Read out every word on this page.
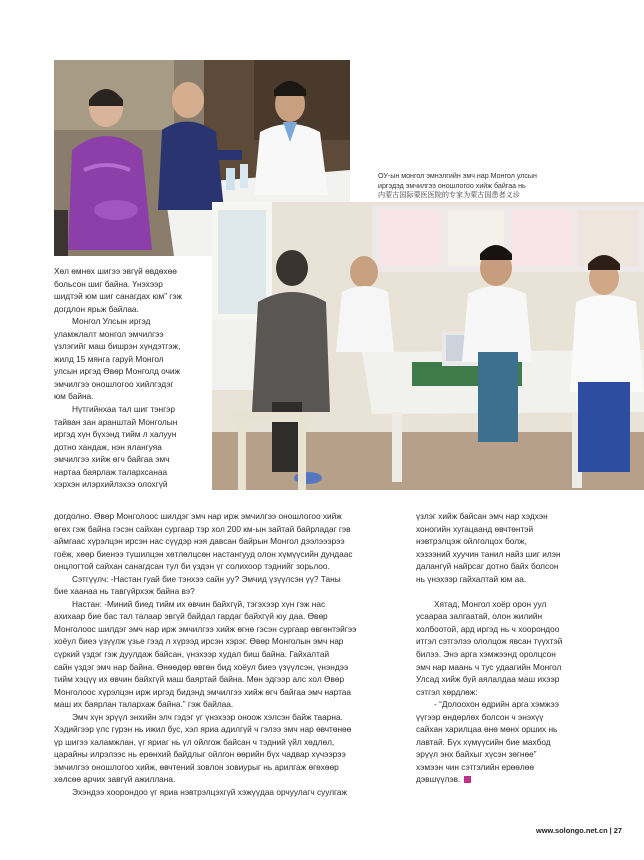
ОУ-ын монгол эмнэлгийн эмч нар Монгол улсын
иргэдэд эмчилгээ оношлогоо хийж байгаа нь
内蒙古国际蒙医医院的专家为蒙古国患者义诊

Хөл өмнөх шигээ эвгүй өвдөхөө

больсон шиг байна. Үнэхээр

шидтэй юм шиг санагдах юм” гэж

догдлон ярьж байлаа.

Монгол Улсын иргэд

уламжлалт монгол эмчилгээ

үзлэгийг маш бишрэн хүндэтгэж,

жилд 15 мянга гаруй Монгол

улсын иргэд Өвөр Монголд очиж

эмчилгээ оношлогоо хийлгэдэг

юм байна.

Нүтгийнхаа тал шиг тэнгэр

тайван зан аранштай Монголын

иргэд хүн бүхэнд тийм л халуун

дотно хандаж, нэн ялангуяа

эмчилгээ хийж өгч байгаа эмч

нартаа баярлаж талархсанаа

хэрхэн илэрхийлэхээ олохгүй

догдолно. Өвөр Монголоос шилдэг эмч нар ирж эмчилгээ оношлогоо хийж

өгөх гэж байна гэсэн сайхан сургаар тэр хол 200 км-ын зайтай байрладаг гэв

аймгаас хүрэлцэн ирсэн нас сүүдэр нэя давсан байрын Монгол дээлэээрээ

гоёж, хөөр биенээ түшилцэн хөтлөлцсөн настангууд олон хүмүүсийн дундаас

онцлогтой сайхан санагдсан тул би үздэн үг солихоор тэднийг зорьлоо.

Сэтгүүлч: -Настан гуай бие тэнхээ сайн уу? Эмчид үзүүлсэн үү? Таны

бие хаанаа нь тавгүйрхэж байна вэ?

Настан: -Миний биед тийм их өвчин байхгүй, тэгэхээр хүн гэж нас

ахихаар бие бас тал талаар эвгүй байдал гардаг байхгүй юу даа. Өвөр

Монголоос шилдэг эмч нар ирж эмчилгээ хийж өгнө гэсэн сургаар өвгөнтэйгээ

хоёул биеэ үзүүлж үзье гээд л хүрээд ирсэн хэрэг. Өвөр Монголын эмч нар

сүркий үздэг гэж дуулдаж байсан, үнэхээр худал биш байна. Гайхалтай

сайн үздэг эмч нар байна. Өнөөдөр өвгөн бид хоёул биеэ үзүүлсэн, үнэндээ

тийм хэцүү их өвчин байхгүй маш баяртай байна. Мөн эдгээр алс хол Өвөр

Монголоос хүрэлцэн ирж иргэд бидэнд эмчилгээ хийж өгч байгаа эмч нартаа

маш их баярлан талархаж байна.” гэж байлаа.

Эмч хүн эрүүл энхийн элч гэдэг үг үнэхээр оноож хэлсэн байж таарна.

Хэдийгээр үлс гүрэн нь ижил бус, хэл яриа адилгүй ч гэлээ эмч нар өвчтөнөө

үр шигээ халамжлан, үг яриаг нь үл ойлгож байсан ч тэдний үйл хөдлөл,

царайны илрэлээс нь ерөнхий байдлыг ойлгон өөрийн бүх чадвар хүчээрээ

эмчилгээ оношлогоо хийж, өвчтений зовлон зовиурыг нь арилгаж өгөхөөр

хөлсөө арчих завгүй ажиллана.

Эхэндээ хоорондоо үг яриа нэвтрэлцэхгүй хэжүүдаа орчуулагч суулгаж

үзлэг хийж байсан эмч нар хэдхэн

хоногийн хугацаанд өвчтөнтэй

нэвтрэлцэж ойлголцох болж,

хэзээний хуучин танил найз шиг илэн

далангүй найрсаг дотно байх болсон

нь үнэхээр гайхалтай юм аа.

Хятад, Монгол хоёр орон уул

усаараа залгаатай, олон жилийн

холбоотой, ард иргэд нь ч хоорондоо

итгэл сэтгэлээ ололцож явсан түүхтэй

билээ. Энэ арга хэмжээнд оролцсон

эмч нар маань ч тус удаагийн Монгол

Улсад хийж буй аялалдаа маш ихээр

сэтгэл хөрдлөж:

- “Долоохон өдрийн арга хэмжээ

үүгээр өндөрлөх болсон ч энэхүү

сайхан харилцаа өнө мөнх орших нь

лавтай. Бүх хүмүүсийн бие махбод

эрүүл энх байхыг хүсэн зөгнөе”

хэмээн чин сэтгэлийн ерөөлөө

дэвшүүлэв.

www.solongo.net.cn | 27
